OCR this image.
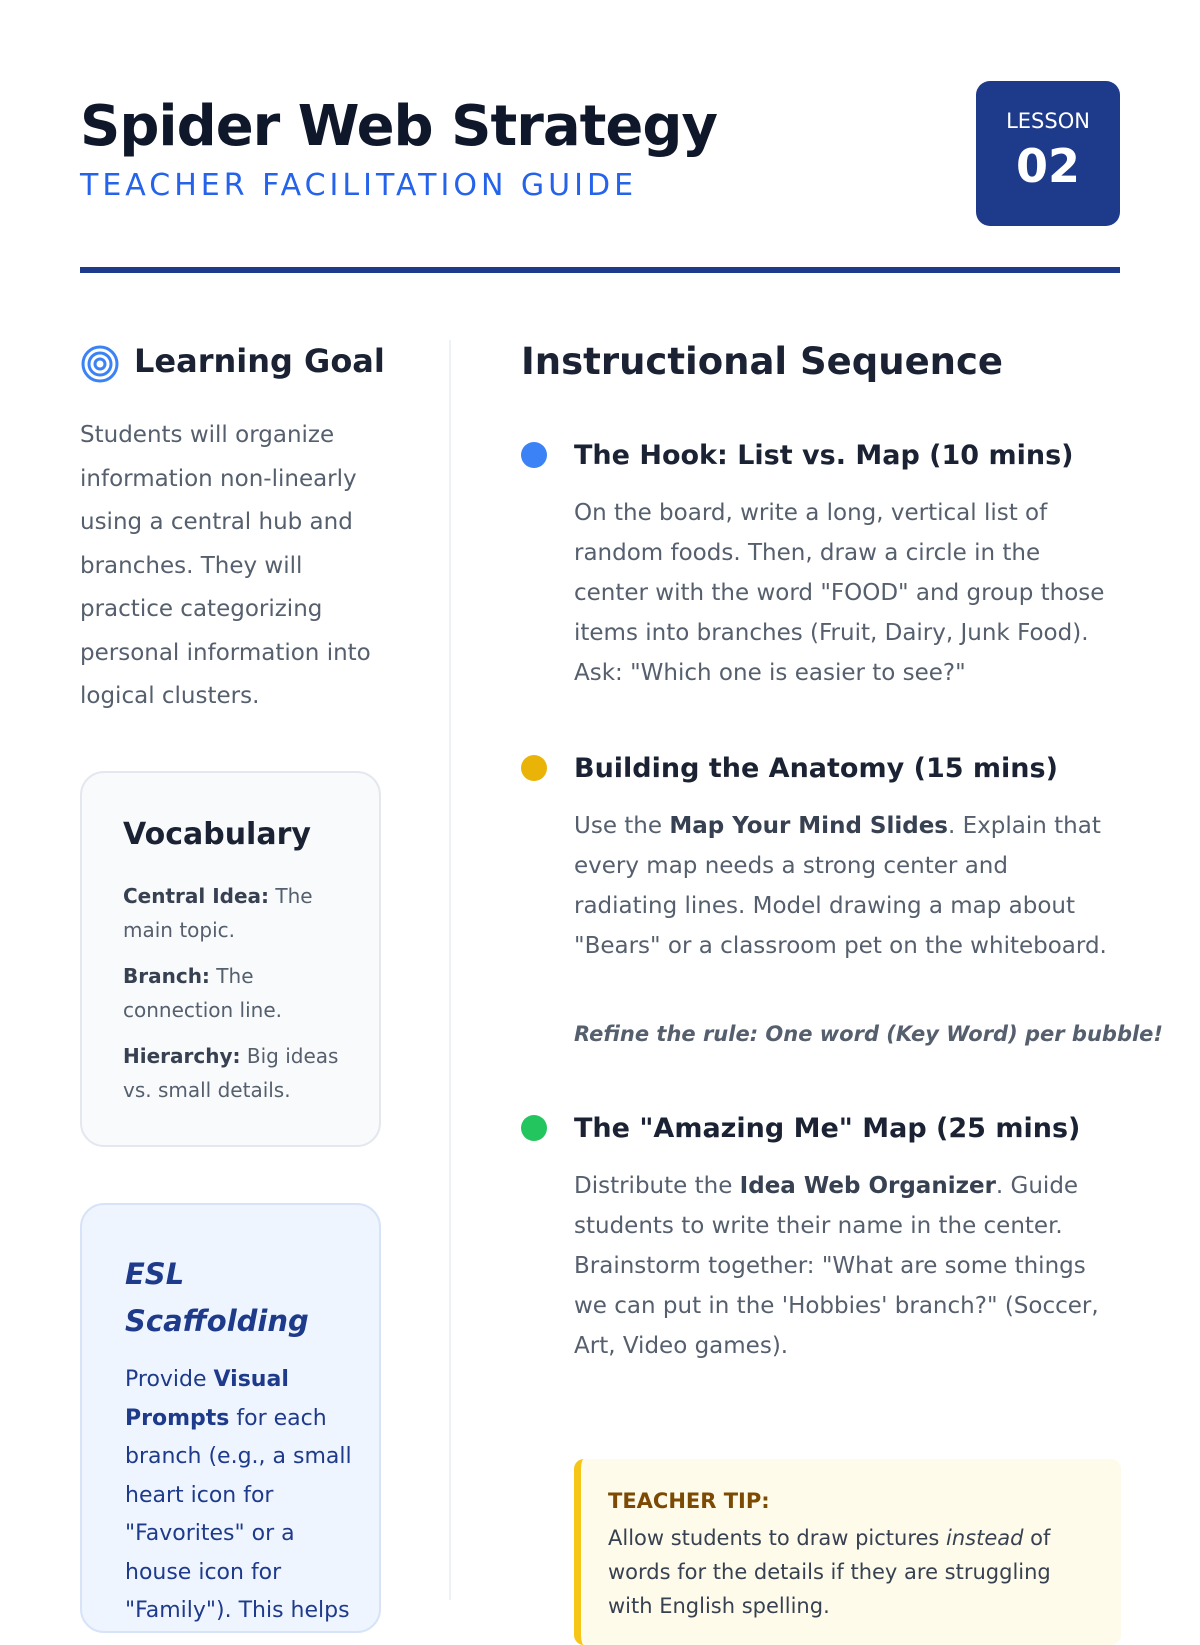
Spider Web Strategy
TEACHER FACILITATION GUIDE
LESSON
02
Learning Goal
Students will organize information non-linearly using a central hub and branches. They will practice categorizing personal information into logical clusters.
Vocabulary
Central Idea: The main topic.
Branch: The connection line.
Hierarchy: Big ideas vs. small details.
ESL Scaffolding
Provide Visual Prompts for each branch (e.g., a small heart icon for "Favorites" or a house icon for "Family"). This helps
Instructional Sequence
The Hook: List vs. Map (10 mins)

On the board, write a long, vertical list of random foods. Then, draw a circle in the center with the word "FOOD" and group those items into branches (Fruit, Dairy, Junk Food). Ask: "Which one is easier to see?"

Building the Anatomy (15 mins)

Use the Map Your Mind Slides. Explain that every map needs a strong center and radiating lines. Model drawing a map about "Bears" or a classroom pet on the whiteboard.

Refine the rule: One word (Key Word) per bubble!
The "Amazing Me" Map (25 mins)

Distribute the Idea Web Organizer. Guide students to write their name in the center. Brainstorm together: "What are some things we can put in the 'Hobbies' branch?" (Soccer, Art, Video games).

TEACHER TIP:
Allow students to draw pictures instead of words for the details if they are struggling with English spelling.
